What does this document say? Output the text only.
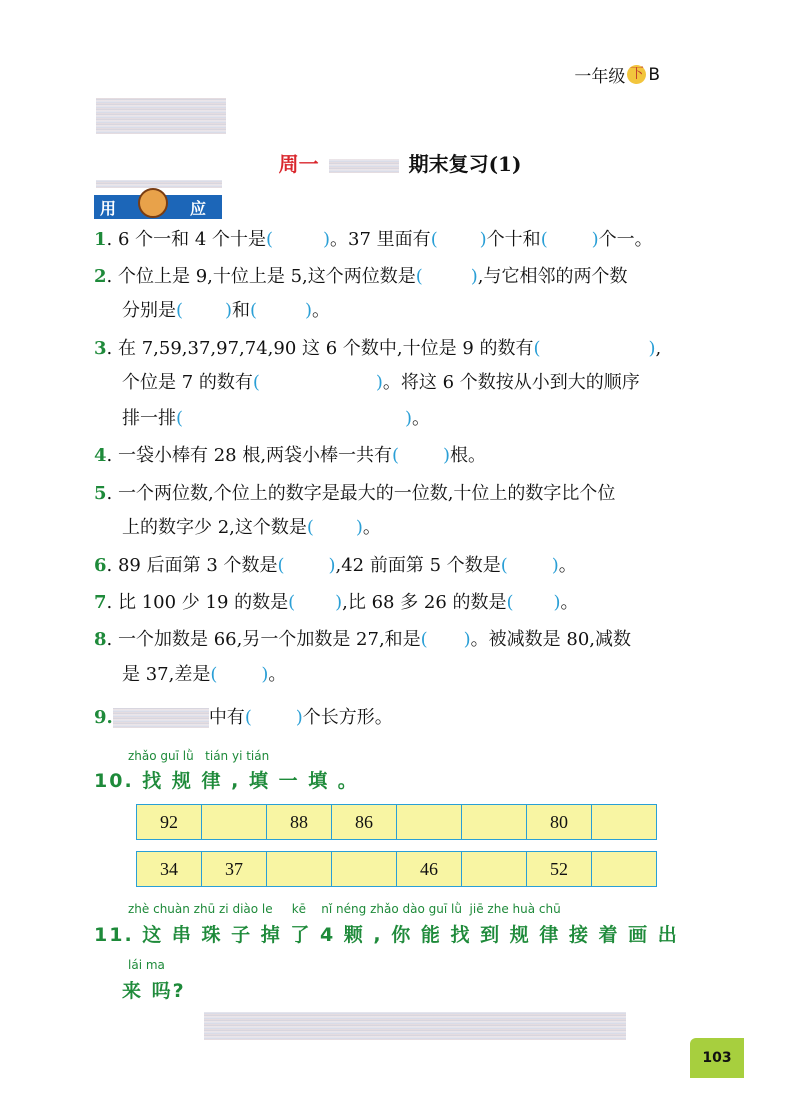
一年级 下 B
周一	期末复习(1)
用	应
1. 6 个一和 4 个十是(	) 。37 里面有( ) 个十和( ) 个一。
2. 个位上是 9,十位上是 5,这个两位数是(	) ,与它相邻的两个数
分别是( ) 和(	) 。
3. 在 7,59,37,97,74,90 这 6 个数中,十位是 9 的数有(	) ,
个位是 7 的数有(	) 。将这 6 个数按从小到大的顺序
排一排(	) 。
4. 一袋小棒有 28 根,两袋小棒一共有( ) 根。
5. 一个两位数,个位上的数字是最大的一位数,十位上的数字比个位
上的数字少 2,这个数是( ) 。
6. 89 后面第 3 个数是( ) ,42 前面第 5 个数是( ) 。
7. 比 100 少 19 的数是( ) ,比 68 多 26 的数是( ) 。
8. 一个加数是 66,另一个加数是 27,和是( ) 。被减数是 80,减数
是 37,差是( ) 。
9.	中有( ) 个长方形。
zhǎo guī lǜ   tián yi tián
10. 找 规 律 , 填 一 填 。
92		88	86			80	
34	37			46		52	
zhè chuàn zhū zi diào le     kē    nǐ néng zhǎo dào guī lǜ  jiē zhe huà chū
11. 这 串 珠 子 掉 了 4 颗 , 你 能 找 到 规 律 接 着 画 出
lái ma
来 吗?
103
